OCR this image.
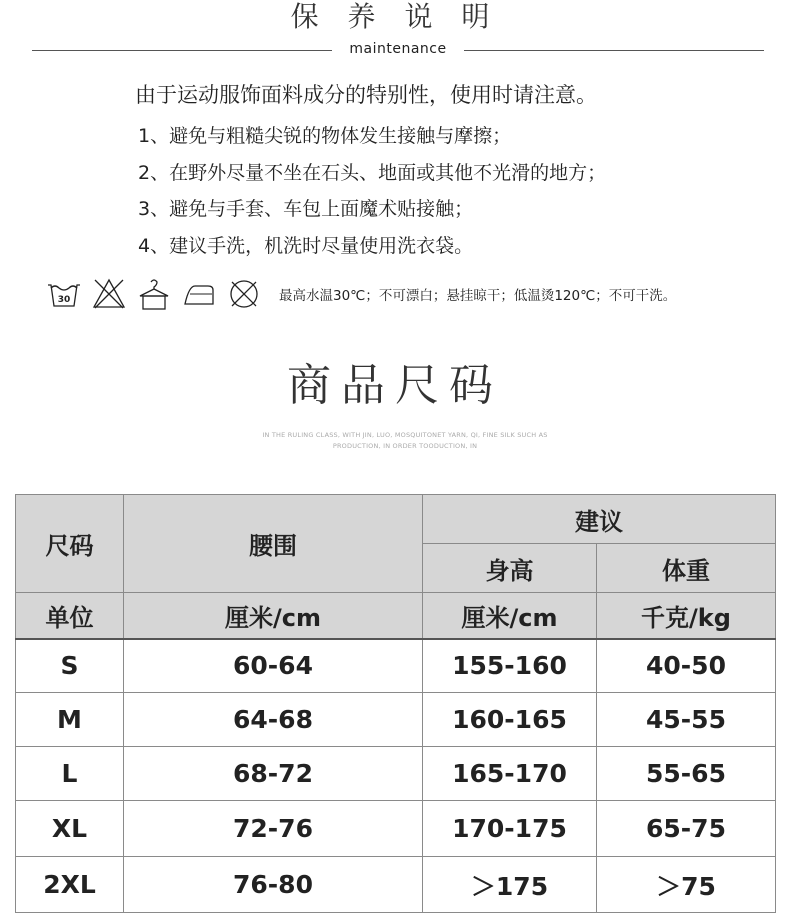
保 养 说 明
maintenance
由于运动服饰面料成分的特别性，使用时请注意。
1、避免与粗糙尖锐的物体发生接触与摩擦；
2、在野外尽量不坐在石头、地面或其他不光滑的地方；
3、避免与手套、车包上面魔术贴接触；
4、建议手洗，机洗时尽量使用洗衣袋。
30	最高水温30℃；不可漂白；悬挂晾干；低温烫120℃；不可干洗。
商品尺码
IN THE RULING CLASS, WITH JIN, LUO, MOSQUITONET YARN, QI, FINE SILK SUCH AS
PRODUCTION, IN ORDER TOODUCTION, IN
尺码	腰围	建议	
		身高	体重
单位	厘米/cm	厘米/cm	千克/kg
S	60-64	155-160	40-50
M	64-68	160-165	45-55
L	68-72	165-170	55-65
XL	72-76	170-175	65-75
2XL	76-80	＞175	＞75
